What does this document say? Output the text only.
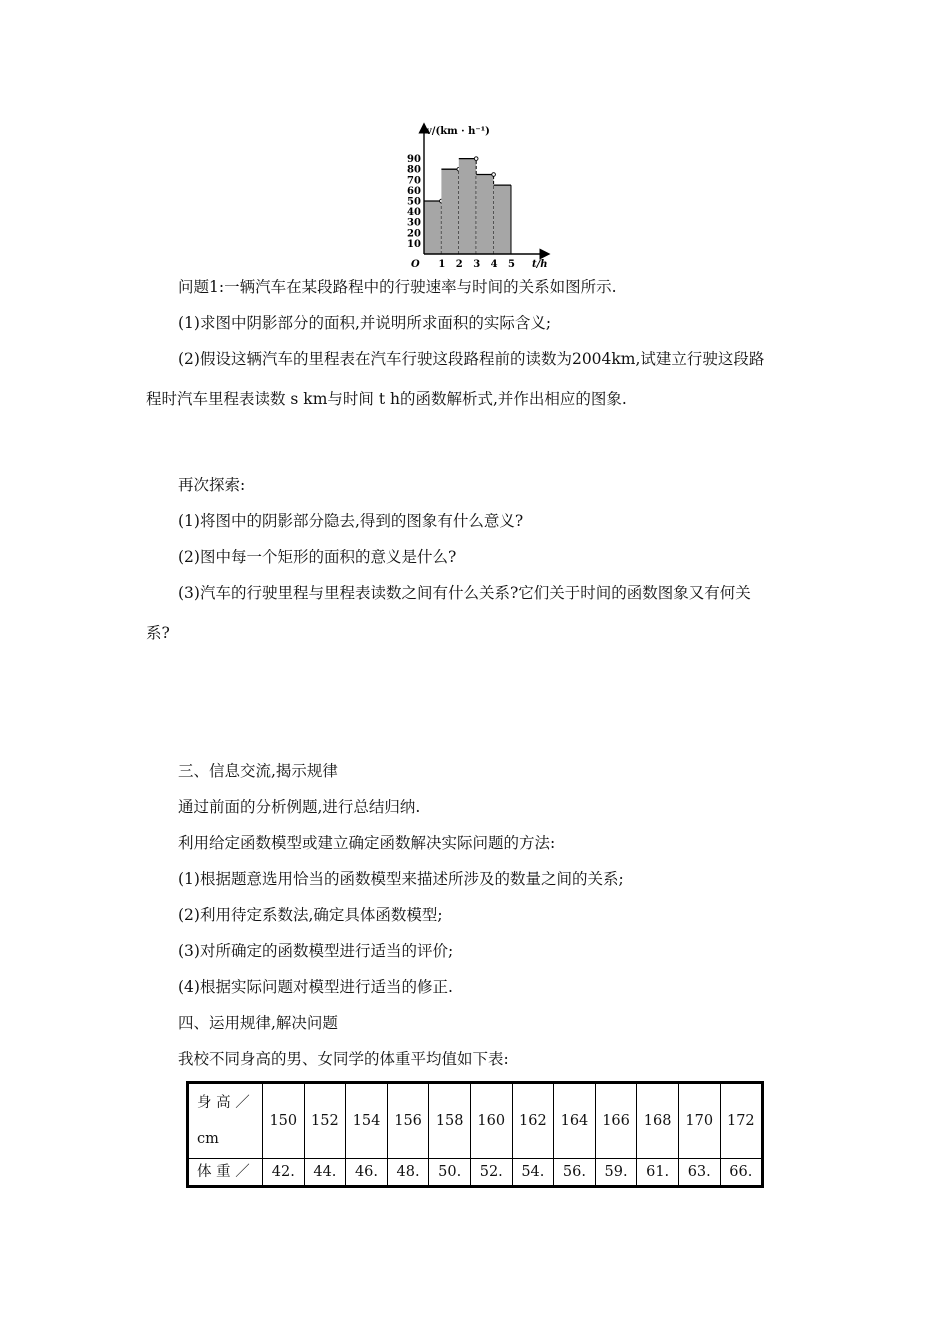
1 2 3 4 5
10
20
30
40
50
60
70
80
90
v/(km · h⁻¹)
t/h
O
问题1:一辆汽车在某段路程中的行驶速率与时间的关系如图所示.
(1)求图中阴影部分的面积,并说明所求面积的实际含义;
(2)假设这辆汽车的里程表在汽车行驶这段路程前的读数为2004km,试建立行驶这段路
程时汽车里程表读数 s km与时间 t h的函数解析式,并作出相应的图象.
再次探索:
(1)将图中的阴影部分隐去,得到的图象有什么意义?
(2)图中每一个矩形的面积的意义是什么?
(3)汽车的行驶里程与里程表读数之间有什么关系?它们关于时间的函数图象又有何关
系?
三、信息交流,揭示规律
通过前面的分析例题,进行总结归纳.
利用给定函数模型或建立确定函数解决实际问题的方法:
(1)根据题意选用恰当的函数模型来描述所涉及的数量之间的关系;
(2)利用待定系数法,确定具体函数模型;
(3)对所确定的函数模型进行适当的评价;
(4)根据实际问题对模型进行适当的修正.
四、运用规律,解决问题
我校不同身高的男、女同学的体重平均值如下表:
身 高 ／
cm	150	152	154	156	158	160	162	164	166	168	170	172
体 重 ／	42.	44.	46.	48.	50.	52.	54.	56.	59.	61.	63.	66.
